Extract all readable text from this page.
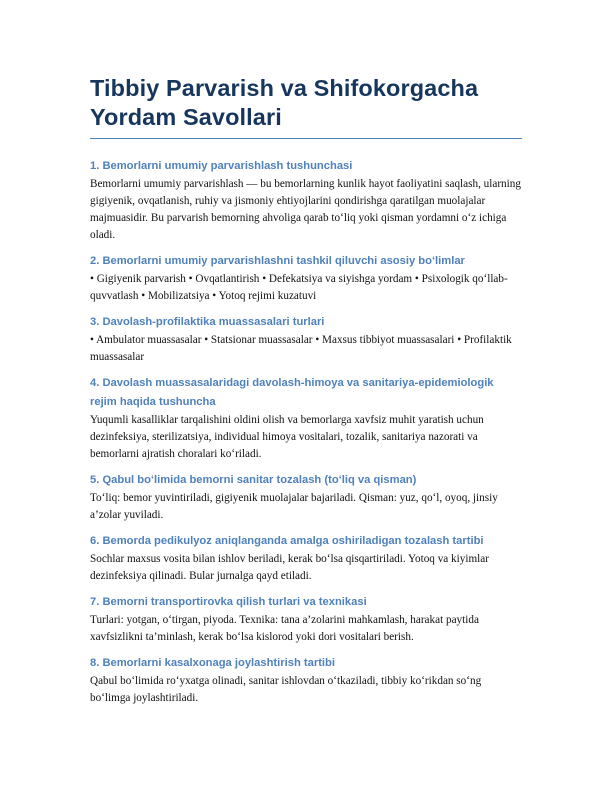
Tibbiy Parvarish va Shifokorgacha Yordam Savollari

1. Bemorlarni umumiy parvarishlash tushunchasi

Bemorlarni umumiy parvarishlash — bu bemorlarning kunlik hayot faoliyatini saqlash, ularning gigiyenik, ovqatlanish, ruhiy va jismoniy ehtiyojlarini qondirishga qaratilgan muolajalar majmuasidir. Bu parvarish bemorning ahvoliga qarab to‘liq yoki qisman yordamni o‘z ichiga oladi.

2. Bemorlarni umumiy parvarishlashni tashkil qiluvchi asosiy bo‘limlar

• Gigiyenik parvarish • Ovqatlantirish • Defekatsiya va siyishga yordam • Psixologik qo‘llab-quvvatlash • Mobilizatsiya • Yotoq rejimi kuzatuvi

3. Davolash-profilaktika muassasalari turlari

• Ambulator muassasalar • Statsionar muassasalar • Maxsus tibbiyot muassasalari • Profilaktik muassasalar

4. Davolash muassasalaridagi davolash-himoya va sanitariya-epidemiologik rejim haqida tushuncha

Yuqumli kasalliklar tarqalishini oldini olish va bemorlarga xavfsiz muhit yaratish uchun dezinfeksiya, sterilizatsiya, individual himoya vositalari, tozalik, sanitariya nazorati va bemorlarni ajratish choralari ko‘riladi.

5. Qabul bo‘limida bemorni sanitar tozalash (to‘liq va qisman)

To‘liq: bemor yuvintiriladi, gigiyenik muolajalar bajariladi. Qisman: yuz, qo‘l, oyoq, jinsiy a’zolar yuviladi.

6. Bemorda pedikulyoz aniqlanganda amalga oshiriladigan tozalash tartibi

Sochlar maxsus vosita bilan ishlov beriladi, kerak bo‘lsa qisqartiriladi. Yotoq va kiyimlar dezinfeksiya qilinadi. Bular jurnalga qayd etiladi.

7. Bemorni transportirovka qilish turlari va texnikasi

Turlari: yotgan, o‘tirgan, piyoda. Texnika: tana a’zolarini mahkamlash, harakat paytida xavfsizlikni ta’minlash, kerak bo‘lsa kislorod yoki dori vositalari berish.

8. Bemorlarni kasalxonaga joylashtirish tartibi

Qabul bo‘limida ro‘yxatga olinadi, sanitar ishlovdan o‘tkaziladi, tibbiy ko‘rikdan so‘ng bo‘limga joylashtiriladi.
